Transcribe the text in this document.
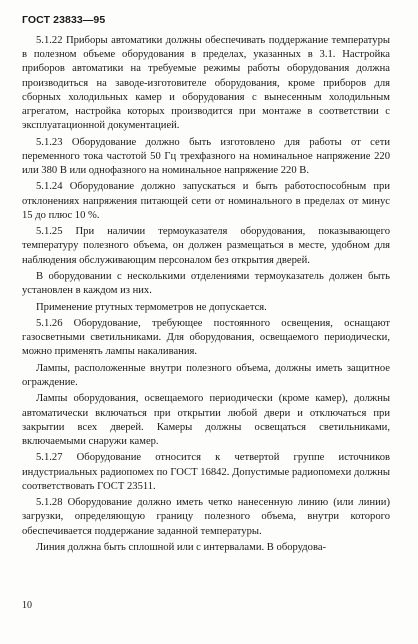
ГОСТ 23833—95

5.1.22 Приборы автоматики должны обеспечивать поддержание температуры в полезном объеме оборудования в пределах, указанных в 3.1. Настройка приборов автоматики на требуемые режимы работы оборудования должна производиться на заводе-изготовителе оборудования, кроме приборов для сборных холодильных камер и оборудования с вынесенным холодильным агрегатом, настройка которых производится при монтаже в соответствии с эксплуатационной документацией.

5.1.23 Оборудование должно быть изготовлено для работы от сети переменного тока частотой 50 Гц трехфазного на номинальное напряжение 220 или 380 В или однофазного на номинальное напряжение 220 В.

5.1.24 Оборудование должно запускаться и быть работоспособным при отклонениях напряжения питающей сети от номинального в пределах от минус 15 до плюс 10 %.

5.1.25 При наличии термоуказателя оборудования, показывающего температуру полезного объема, он должен размещаться в месте, удобном для наблюдения обслуживающим персоналом без открытия дверей.

В оборудовании с несколькими отделениями термоуказатель должен быть установлен в каждом из них.

Применение ртутных термометров не допускается.

5.1.26 Оборудование, требующее постоянного освещения, оснащают газосветными светильниками. Для оборудования, освещаемого периодически, можно применять лампы накаливания.

Лампы, расположенные внутри полезного объема, должны иметь защитное ограждение.

Лампы оборудования, освещаемого периодически (кроме камер), должны автоматически включаться при открытии любой двери и отключаться при закрытии всех дверей. Камеры должны освещаться светильниками, включаемыми снаружи камер.

5.1.27 Оборудование относится к четвертой группе источников индустриальных радиопомех по ГОСТ 16842. Допустимые радиопомехи должны соответствовать ГОСТ 23511.

5.1.28 Оборудование должно иметь четко нанесенную линию (или линии) загрузки, определяющую границу полезного объема, внутри которого обеспечивается поддержание заданной температуры.

Линия должна быть сплошной или с интервалами. В оборудова-

10
